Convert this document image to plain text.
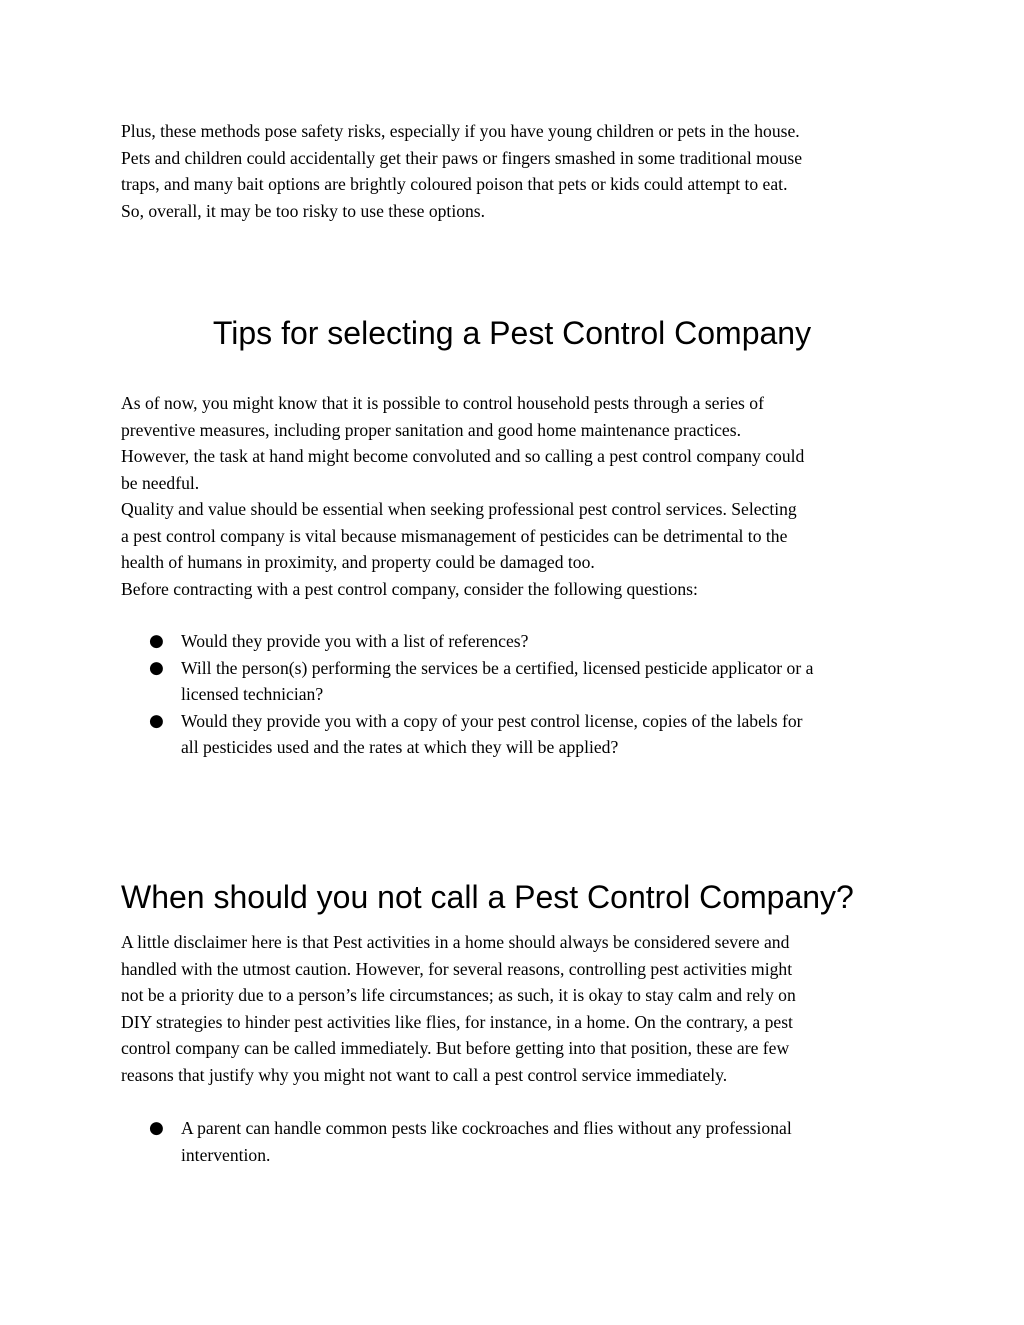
Plus, these methods pose safety risks, especially if you have young children or pets in the house.
Pets and children could accidentally get their paws or fingers smashed in some traditional mouse
traps, and many bait options are brightly coloured poison that pets or kids could attempt to eat.
So, overall, it may be too risky to use these options.

Tips for selecting a Pest Control Company

As of now, you might know that it is possible to control household pests through a series of
preventive measures, including proper sanitation and good home maintenance practices.
However, the task at hand might become convoluted and so calling a pest control company could
be needful.
Quality and value should be essential when seeking professional pest control services. Selecting
a pest control company is vital because mismanagement of pesticides can be detrimental to the
health of humans in proximity, and property could be damaged too.
Before contracting with a pest control company, consider the following questions:

● Would they provide you with a list of references?
● Will the person(s) performing the services be a certified, licensed pesticide applicator or a
licensed technician?
● Would they provide you with a copy of your pest control license, copies of the labels for
all pesticides used and the rates at which they will be applied?
When should you not call a Pest Control Company?

A little disclaimer here is that Pest activities in a home should always be considered severe and
handled with the utmost caution. However, for several reasons, controlling pest activities might
not be a priority due to a person’s life circumstances; as such, it is okay to stay calm and rely on
DIY strategies to hinder pest activities like flies, for instance, in a home. On the contrary, a pest
control company can be called immediately. But before getting into that position, these are few
reasons that justify why you might not want to call a pest control service immediately.

● A parent can handle common pests like cockroaches and flies without any professional
intervention.
